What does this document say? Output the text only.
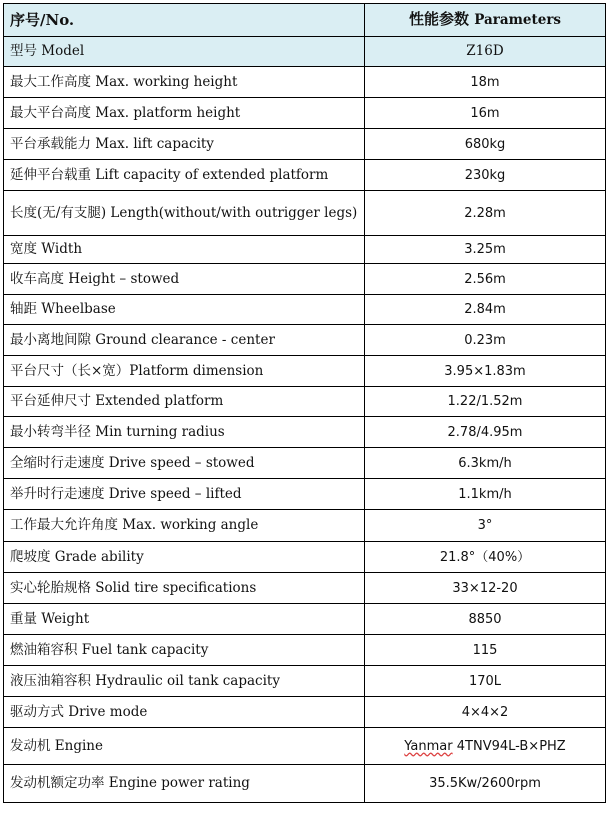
序号/No.	性能参数 Parameters
型号 Model	Z16D
最大工作高度 Max. working height	18m
最大平台高度 Max. platform height	16m
平台承载能力 Max. lift capacity	680kg
延伸平台载重 Lift capacity of extended platform	230kg
长度(无/有支腿) Length(without/with outrigger legs)	2.28m
宽度 Width	3.25m
收车高度 Height – stowed	2.56m
轴距 Wheelbase	2.84m
最小离地间隙 Ground clearance - center	0.23m
平台尺寸（长×宽）Platform dimension	3.95×1.83m
平台延伸尺寸 Extended platform	1.22/1.52m
最小转弯半径 Min turning radius	2.78/4.95m
全缩时行走速度 Drive speed – stowed	6.3km/h
举升时行走速度 Drive speed – lifted	1.1km/h
工作最大允许角度 Max. working angle	3°
爬坡度 Grade ability	21.8°（40%）
实心轮胎规格 Solid tire specifications	33×12-20
重量 Weight	8850
燃油箱容积 Fuel tank capacity	115
液压油箱容积 Hydraulic oil tank capacity	170L
驱动方式 Drive mode	4×4×2
发动机 Engine	Yanmar 4TNV94L-B×PHZ
发动机额定功率 Engine power rating	35.5Kw/2600rpm
